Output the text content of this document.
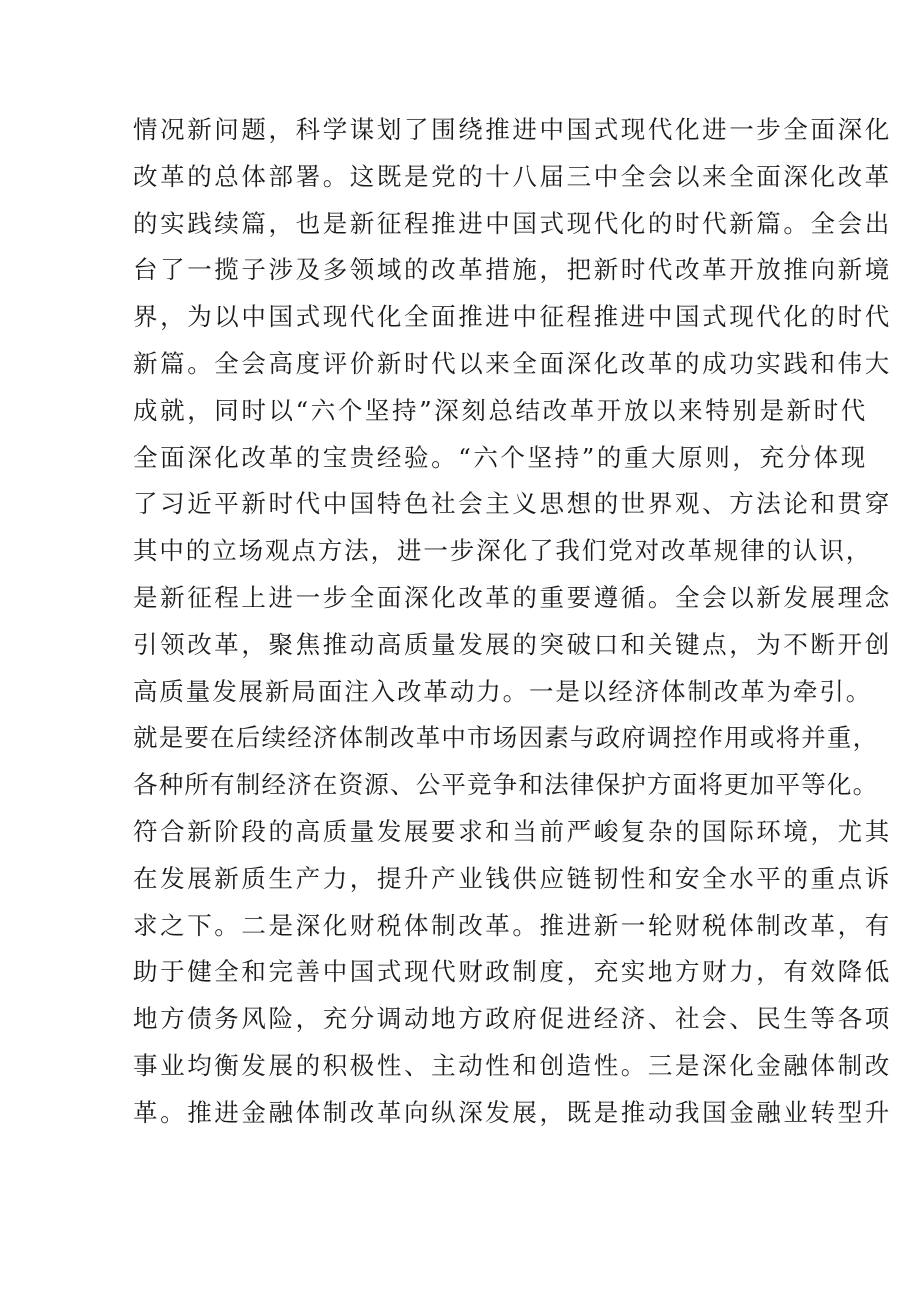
情况新问题，科学谋划了围绕推进中国式现代化进一步全面深化
改革的总体部署。这既是党的十八届三中全会以来全面深化改革
的实践续篇，也是新征程推进中国式现代化的时代新篇。全会出
台了一揽子涉及多领域的改革措施，把新时代改革开放推向新境
界，为以中国式现代化全面推进中征程推进中国式现代化的时代
新篇。全会高度评价新时代以来全面深化改革的成功实践和伟大
成就，同时以“六个坚持”深刻总结改革开放以来特别是新时代
全面深化改革的宝贵经验。“六个坚持”的重大原则，充分体现
了习近平新时代中国特色社会主义思想的世界观、方法论和贯穿
其中的立场观点方法，进一步深化了我们党对改革规律的认识，
是新征程上进一步全面深化改革的重要遵循。全会以新发展理念
引领改革，聚焦推动高质量发展的突破口和关键点，为不断开创
高质量发展新局面注入改革动力。一是以经济体制改革为牵引。
就是要在后续经济体制改革中市场因素与政府调控作用或将并重，
各种所有制经济在资源、公平竞争和法律保护方面将更加平等化。
符合新阶段的高质量发展要求和当前严峻复杂的国际环境，尤其
在发展新质生产力，提升产业钱供应链韧性和安全水平的重点诉
求之下。二是深化财税体制改革。推进新一轮财税体制改革，有
助于健全和完善中国式现代财政制度，充实地方财力，有效降低
地方债务风险，充分调动地方政府促进经济、社会、民生等各项
事业均衡发展的积极性、主动性和创造性。三是深化金融体制改
革。推进金融体制改革向纵深发展，既是推动我国金融业转型升
